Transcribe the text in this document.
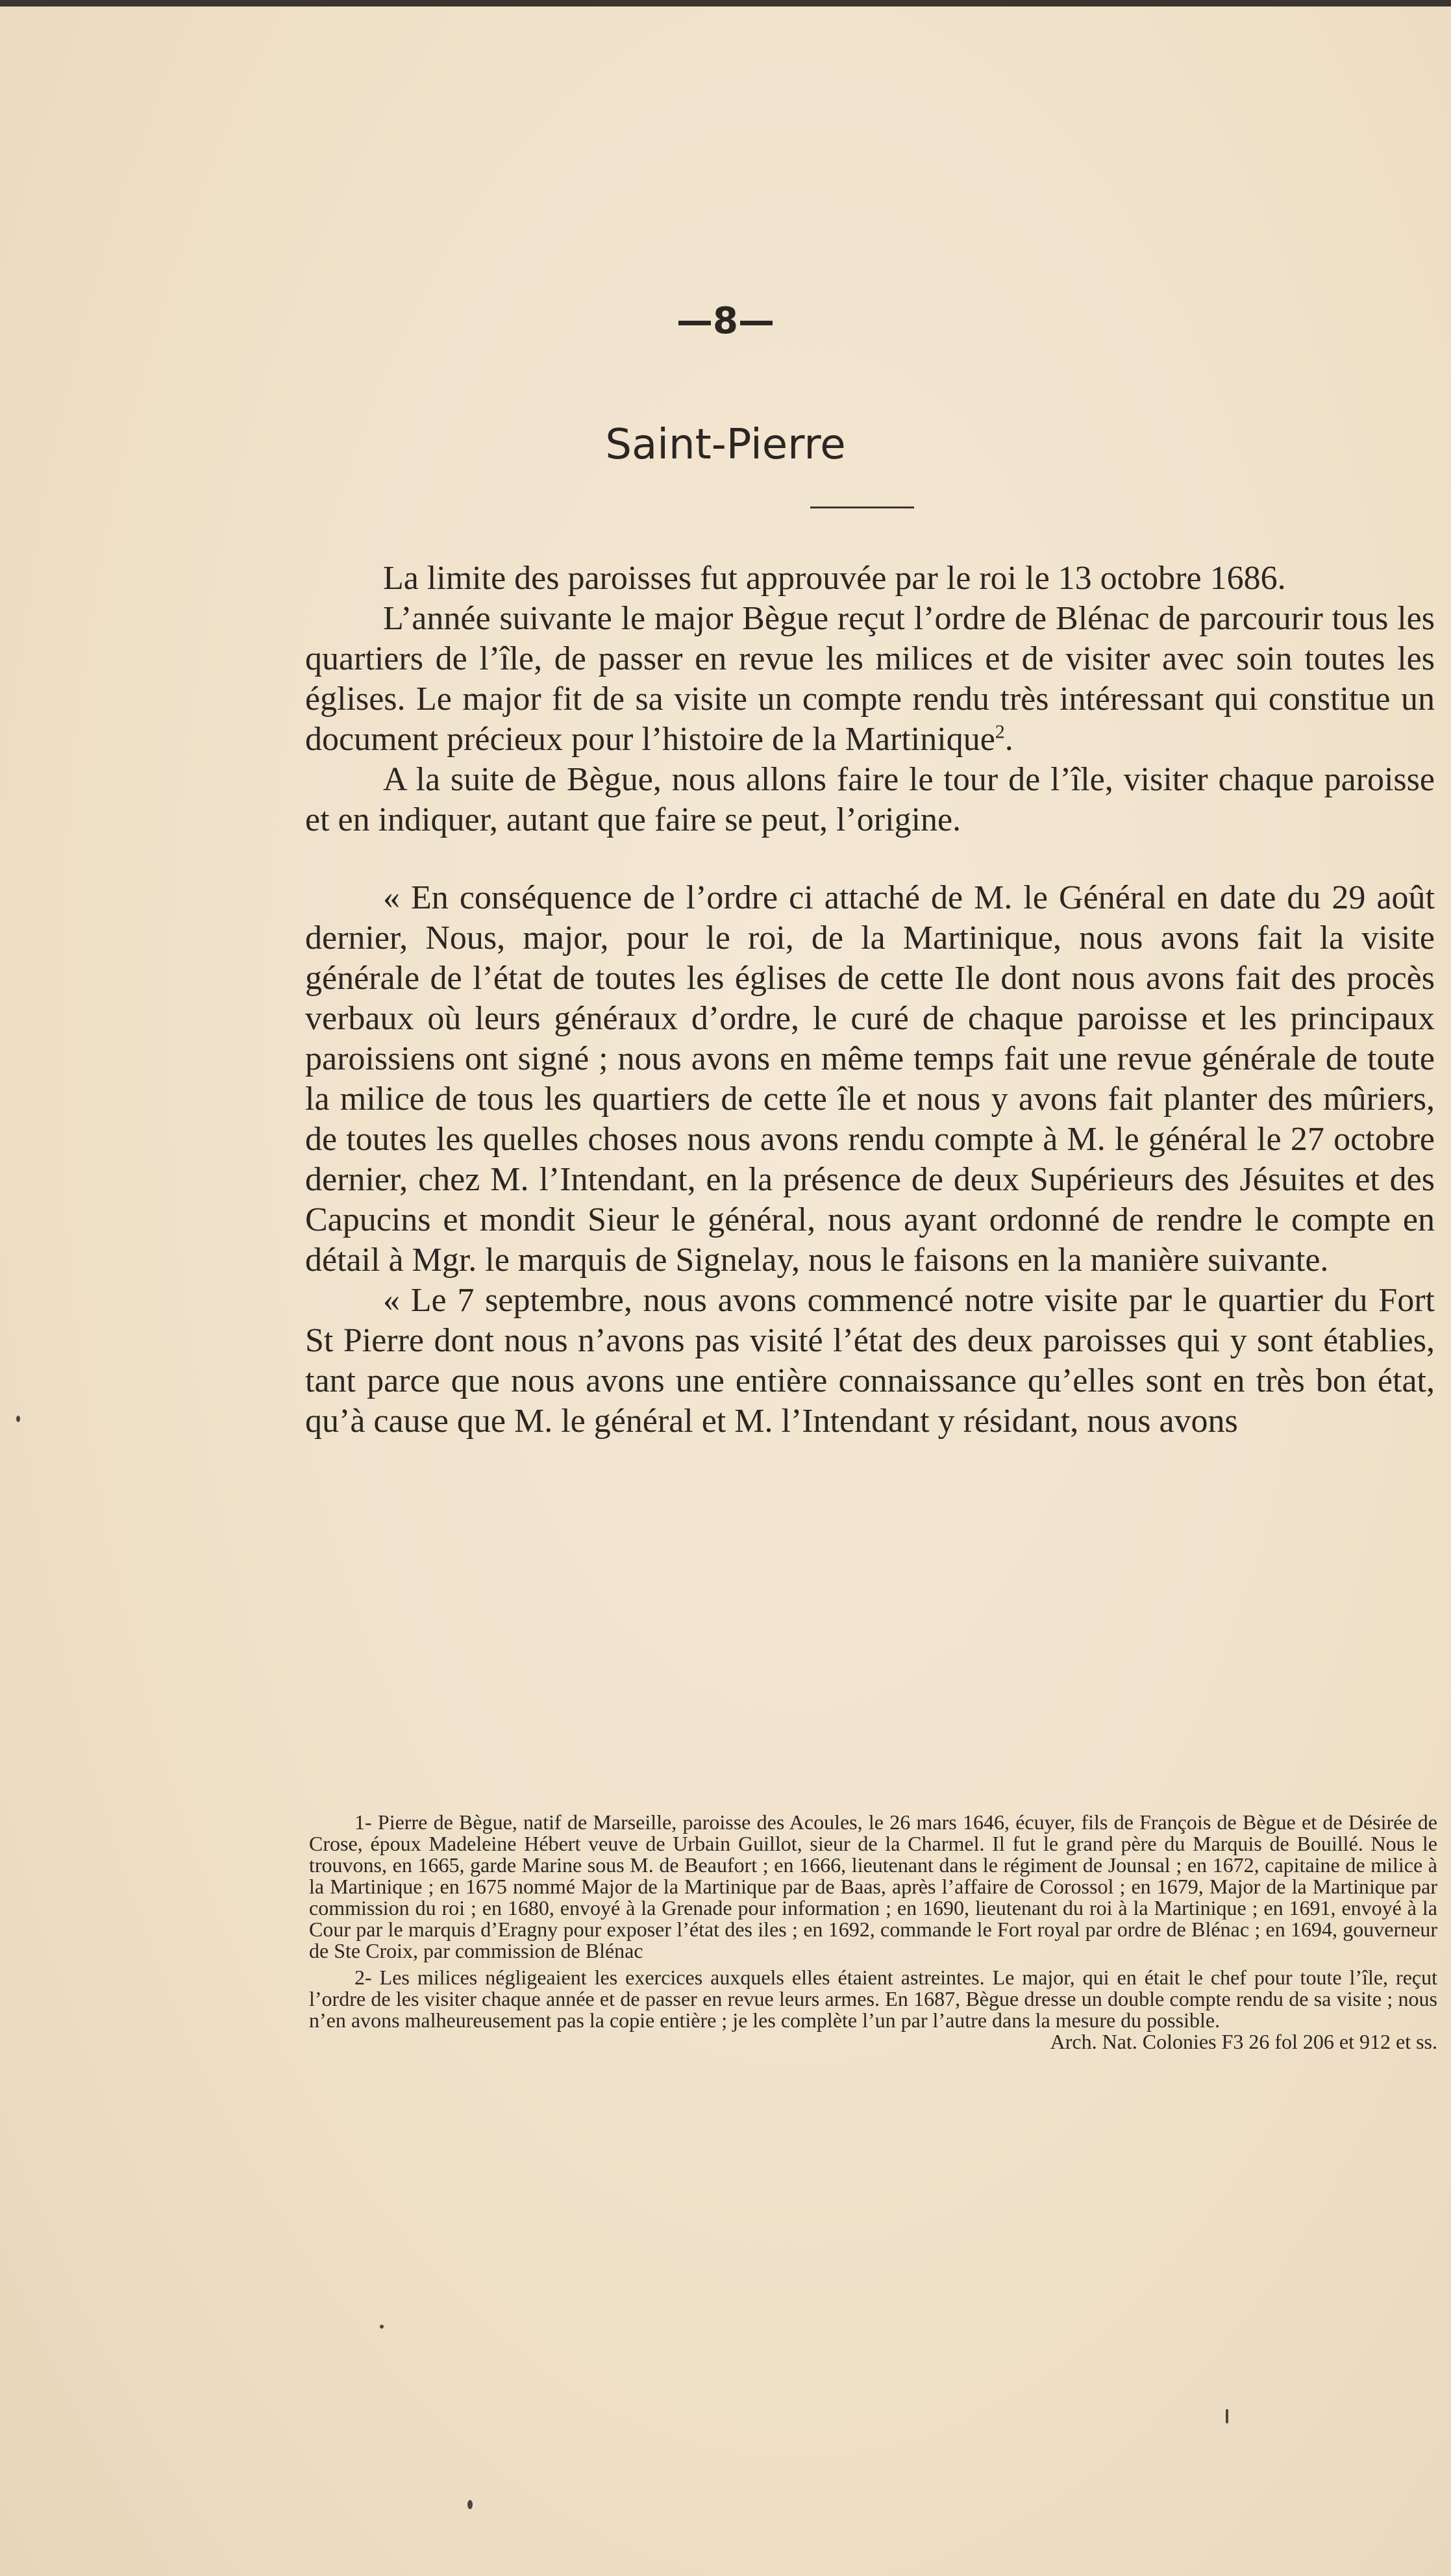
—8—
Saint-Pierre

La limite des paroisses fut approuvée par le roi le 13 octobre 1686.

L’année suivante le major Bègue reçut l’ordre de Blénac de parcourir tous les quartiers de l’île, de passer en revue les milices et de visiter avec soin toutes les églises. Le major fit de sa visite un compte rendu très intéressant qui constitue un document précieux pour l’histoire de la Martinique$^2$.

A la suite de Bègue, nous allons faire le tour de l’île, visiter chaque paroisse et en indiquer, autant que faire se peut, l’origine.

« En conséquence de l’ordre ci attaché de M. le Général en date du 29 août dernier, Nous, major, pour le roi, de la Martinique, nous avons fait la visite générale de l’état de toutes les églises de cette Ile dont nous avons fait des procès verbaux où leurs généraux d’ordre, le curé de chaque paroisse et les principaux paroissiens ont signé ; nous avons en même temps fait une revue générale de toute la milice de tous les quartiers de cette île et nous y avons fait planter des mûriers, de toutes les quelles choses nous avons rendu compte à M. le général le 27 octobre dernier, chez M. l’Intendant, en la présence de deux Supérieurs des Jésuites et des Capucins et mondit Sieur le général, nous ayant ordonné de rendre le compte en détail à Mgr. le marquis de Signelay, nous le faisons en la manière suivante.

« Le 7 septembre, nous avons commencé notre visite par le quartier du Fort St Pierre dont nous n’avons pas visité l’état des deux paroisses qui y sont établies, tant parce que nous avons une entière connaissance qu’elles sont en très bon état, qu’à cause que M. le général et M. l’Intendant y résidant, nous avons

1- Pierre de Bègue, natif de Marseille, paroisse des Acoules, le 26 mars 1646, écuyer, fils de François de Bègue et de Désirée de Crose, époux Madeleine Hébert veuve de Urbain Guillot, sieur de la Charmel. Il fut le grand père du Marquis de Bouillé. Nous le trouvons, en 1665, garde Marine sous M. de Beaufort ; en 1666, lieutenant dans le régiment de Jounsal ; en 1672, capitaine de milice à la Martinique ; en 1675 nommé Major de la Martinique par de Baas, après l’affaire de Corossol ; en 1679, Major de la Martinique par commission du roi ; en 1680, envoyé à la Grenade pour information ; en 1690, lieutenant du roi à la Martinique ; en 1691, envoyé à la Cour par le marquis d’Eragny pour exposer l’état des iles ; en 1692, commande le Fort royal par ordre de Blénac ; en 1694, gouverneur de Ste Croix, par commission de Blénac

2- Les milices négligeaient les exercices auxquels elles étaient astreintes. Le major, qui en était le chef pour toute l’île, reçut l’ordre de les visiter chaque année et de passer en revue leurs armes. En 1687, Bègue dresse un double compte rendu de sa visite ; nous n’en avons malheureusement pas la copie entière ; je les complète l’un par l’autre dans la mesure du possible.
Arch. Nat. Colonies F3 26 fol 206 et 912 et ss.
